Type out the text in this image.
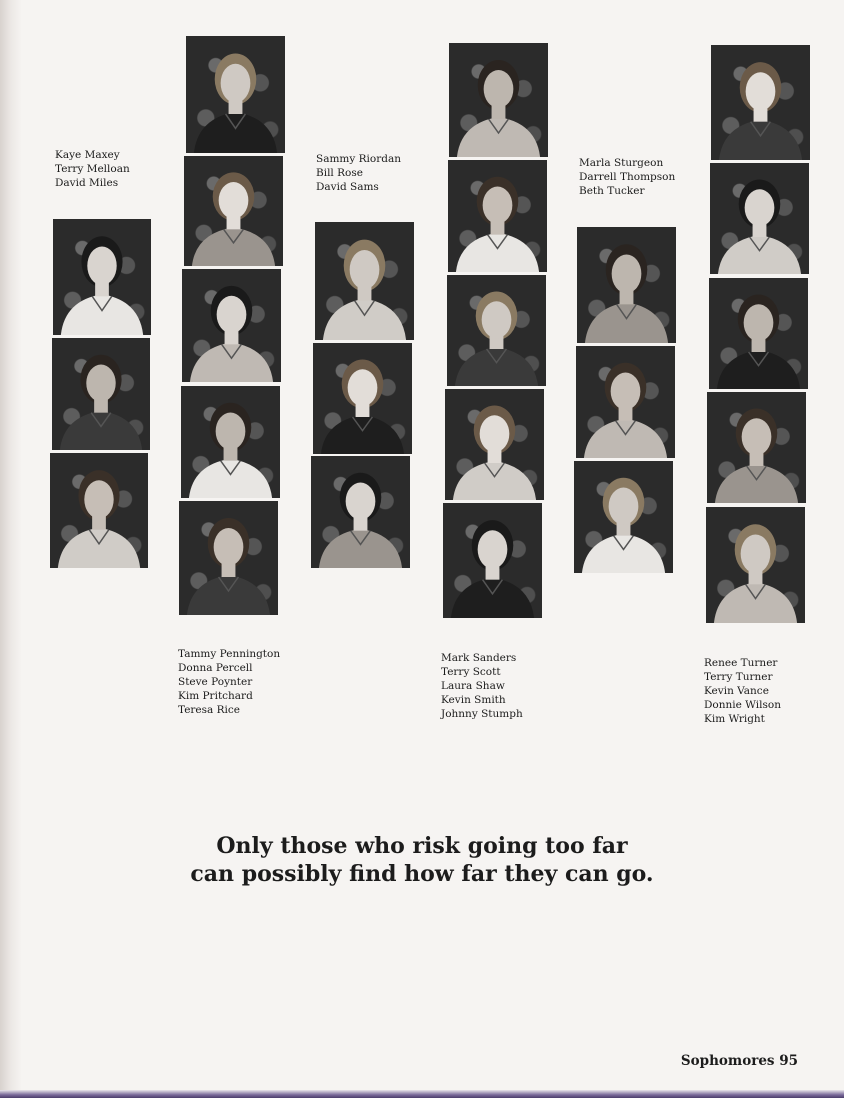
Kaye Maxey
Terry Melloan
David Miles
Tammy Pennington
Donna Percell
Steve Poynter
Kim Pritchard
Teresa Rice
Sammy Riordan
Bill Rose
David Sams
Mark Sanders
Terry Scott
Laura Shaw
Kevin Smith
Johnny Stumph
Marla Sturgeon
Darrell Thompson
Beth Tucker
Renee Turner
Terry Turner
Kevin Vance
Donnie Wilson
Kim Wright
Only those who risk going too far
can possibly find how far they can go.
Sophomores 95
